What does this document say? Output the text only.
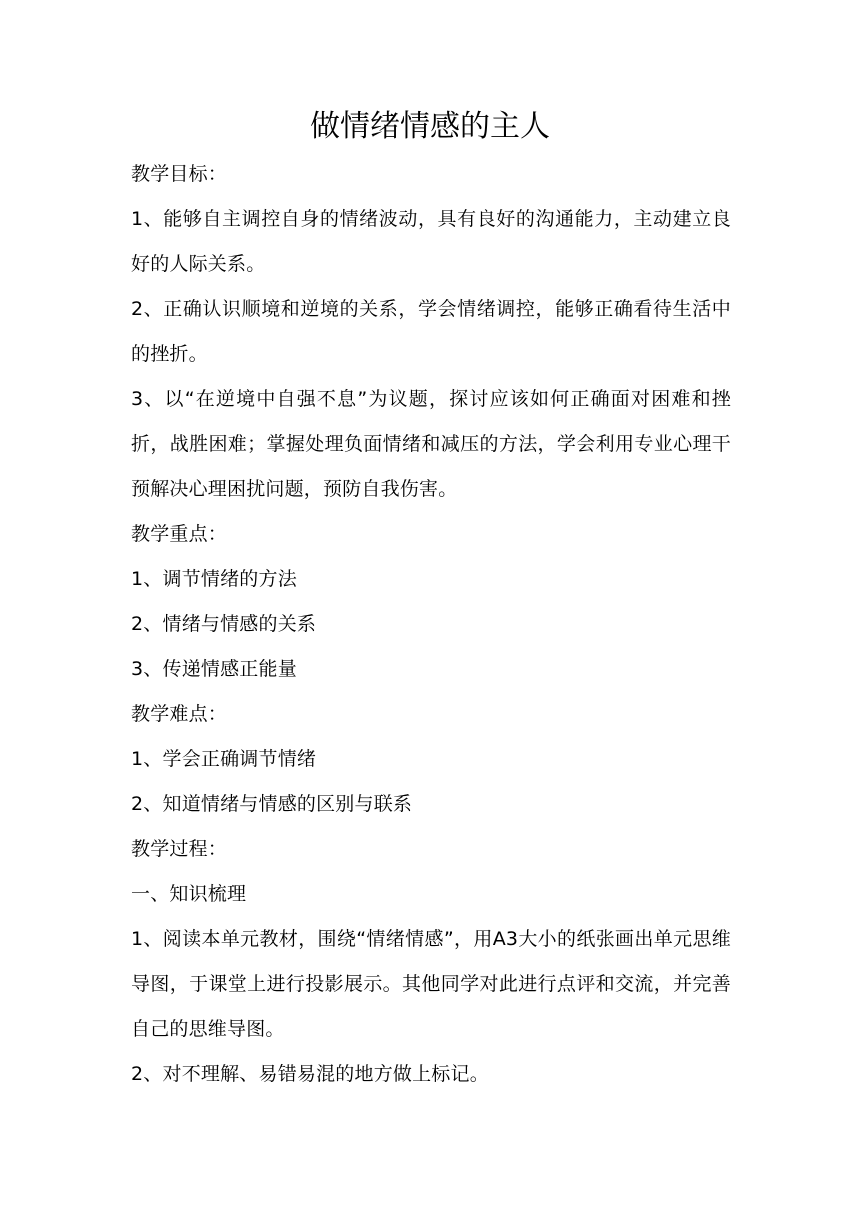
做情绪情感的主人

教学目标：

1、能够自主调控自身的情绪波动，具有良好的沟通能力，主动建立良好的人际关系。

2、正确认识顺境和逆境的关系，学会情绪调控，能够正确看待生活中的挫折。

3、以“在逆境中自强不息”为议题，探讨应该如何正确面对困难和挫折，战胜困难；掌握处理负面情绪和减压的方法，学会利用专业心理干预解决心理困扰问题，预防自我伤害。

教学重点：

1、调节情绪的方法

2、情绪与情感的关系

3、传递情感正能量

教学难点：

1、学会正确调节情绪

2、知道情绪与情感的区别与联系

教学过程：

一、知识梳理

1、阅读本单元教材，围绕“情绪情感”，用A3大小的纸张画出单元思维导图，于课堂上进行投影展示。其他同学对此进行点评和交流，并完善自己的思维导图。

2、对不理解、易错易混的地方做上标记。
